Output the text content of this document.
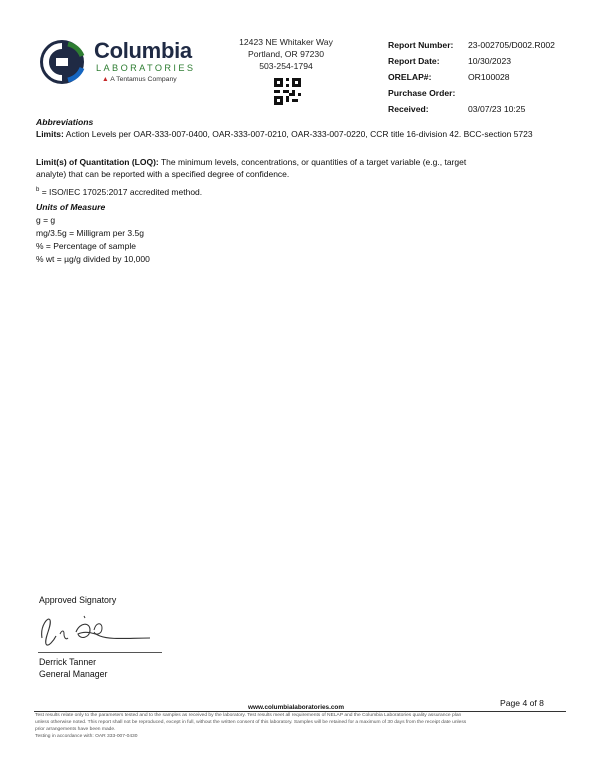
Columbia
LABORATORIES
▲ A Tentamus Company
12423 NE Whitaker Way
Portland, OR 97230
503-254-1794
Report Number: 23-002705/D002.R002
Report Date:	10/30/2023
ORELAP#:	OR100028
Purchase Order:
Received:	03/07/23 10:25
Abbreviations
Limits: Action Levels per OAR-333-007-0400, OAR-333-007-0210, OAR-333-007-0220, CCR title 16-division 42. BCC-section 5723
Limit(s) of Quantitation (LOQ): The minimum levels, concentrations, or quantities of a target variable (e.g., target
analyte) that can be reported with a specified degree of confidence.
$^b$ = ISO/IEC 17025:2017 accredited method.
Units of Measure
g = g
mg/3.5g = Milligram per 3.5g
% = Percentage of sample
% wt = µg/g divided by 10,000
Approved Signatory
Derrick Tanner
General Manager
Page 4 of 8
www.columbialaboratories.com
Test results relate only to the parameters tested and to the samples as received by the laboratory. Test results meet all requirements of NELAP and the Columbia Laboratories quality assurance plan
unless otherwise noted. This report shall not be reproduced, except in full, without the written consent of this laboratory. Samples will be retained for a maximum of 30 days from the receipt date unless
prior arrangements have been made.
Testing in accordance with: OAR 333-007-0430
